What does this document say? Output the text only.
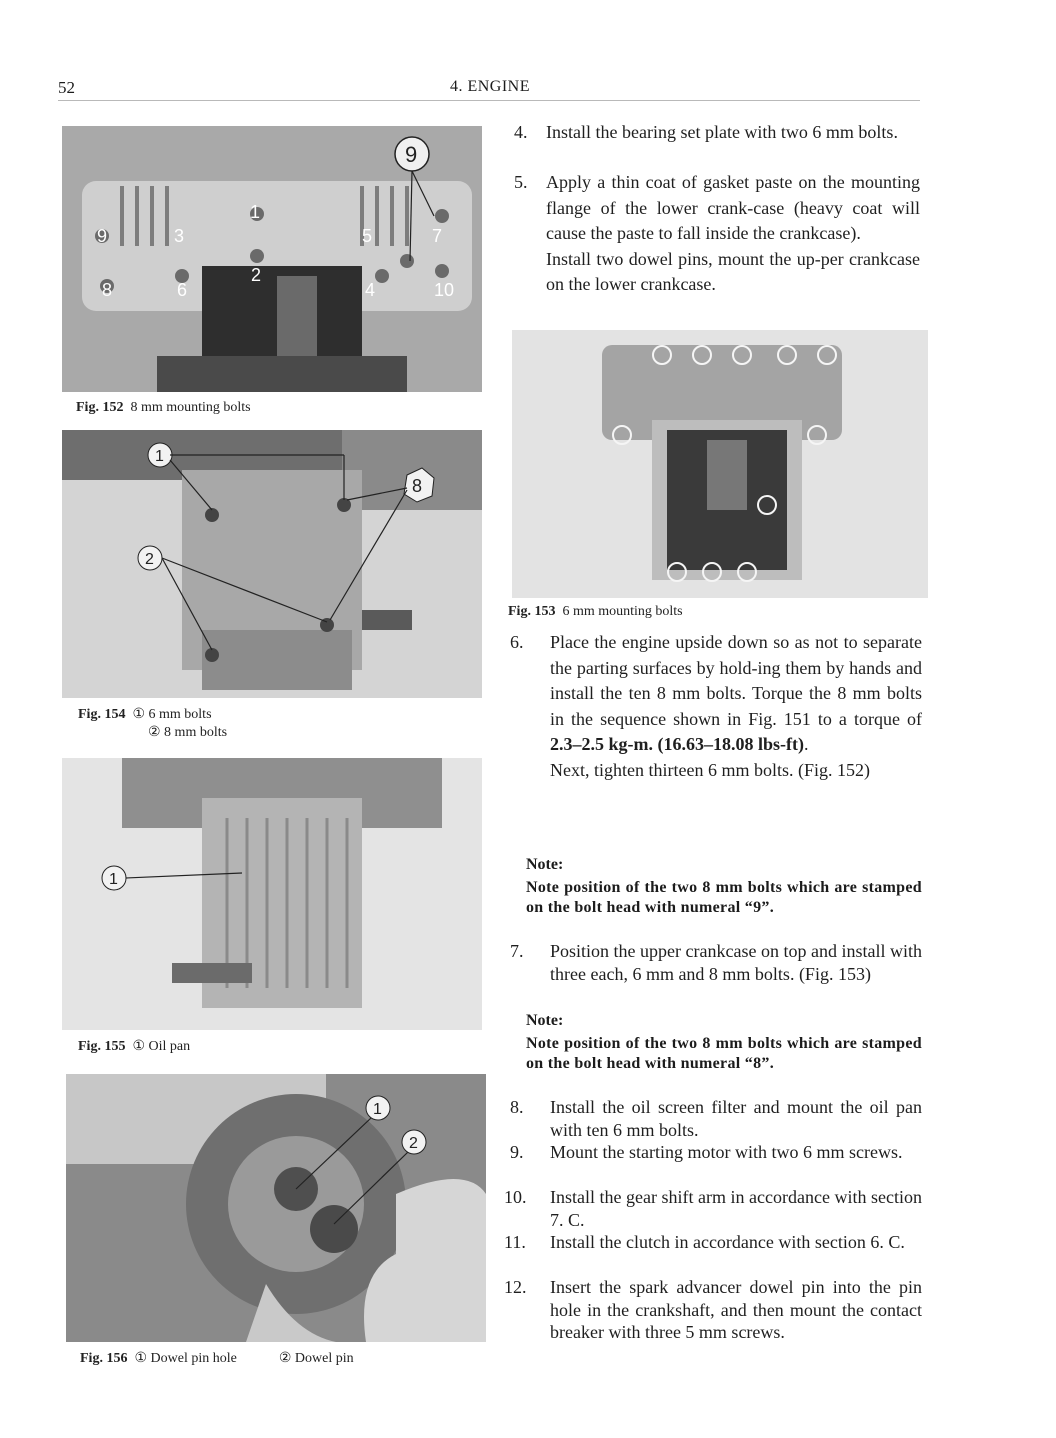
52	4. ENGINE
9
8
3
6
1
2
5
4
7
10
9
Fig. 152 8 mm mounting bolts
1
2
8
Fig. 154 ① 6 mm bolts
② 8 mm bolts
1
Fig. 155 ① Oil pan
1
2
Fig. 156 ① Dowel pin hole	② Dowel pin
Fig. 153 6 mm mounting bolts
4. Install the bearing set plate with two 6 mm bolts.
5. Apply a thin coat of gasket paste on the mounting flange of the lower crank-case (heavy coat will cause the paste to fall inside the crankcase).
Install two dowel pins, mount the up-per crankcase on the lower crankcase.
6. Place the engine upside down so as not to separate the parting surfaces by hold-ing them by hands and install the ten 8 mm bolts. Torque the 8 mm bolts in the sequence shown in Fig. 151 to a torque of 2.3–2.5 kg-m. (16.63–18.08 lbs-ft).
Next, tighten thirteen 6 mm bolts. (Fig. 152)
Note:
Note position of the two 8 mm bolts which are stamped on the bolt head with numeral “9”.
7. Position the upper crankcase on top and install with three each, 6 mm and 8 mm bolts. (Fig. 153)
Note:
Note position of the two 8 mm bolts which are stamped on the bolt head with numeral “8”.
8. Install the oil screen filter and mount the oil pan with ten 6 mm bolts.
9. Mount the starting motor with two 6 mm screws.
10. Install the gear shift arm in accordance with section 7. C.
11. Install the clutch in accordance with section 6. C.
12. Insert the spark advancer dowel pin into the pin hole in the crankshaft, and then mount the contact breaker with three 5 mm screws.
